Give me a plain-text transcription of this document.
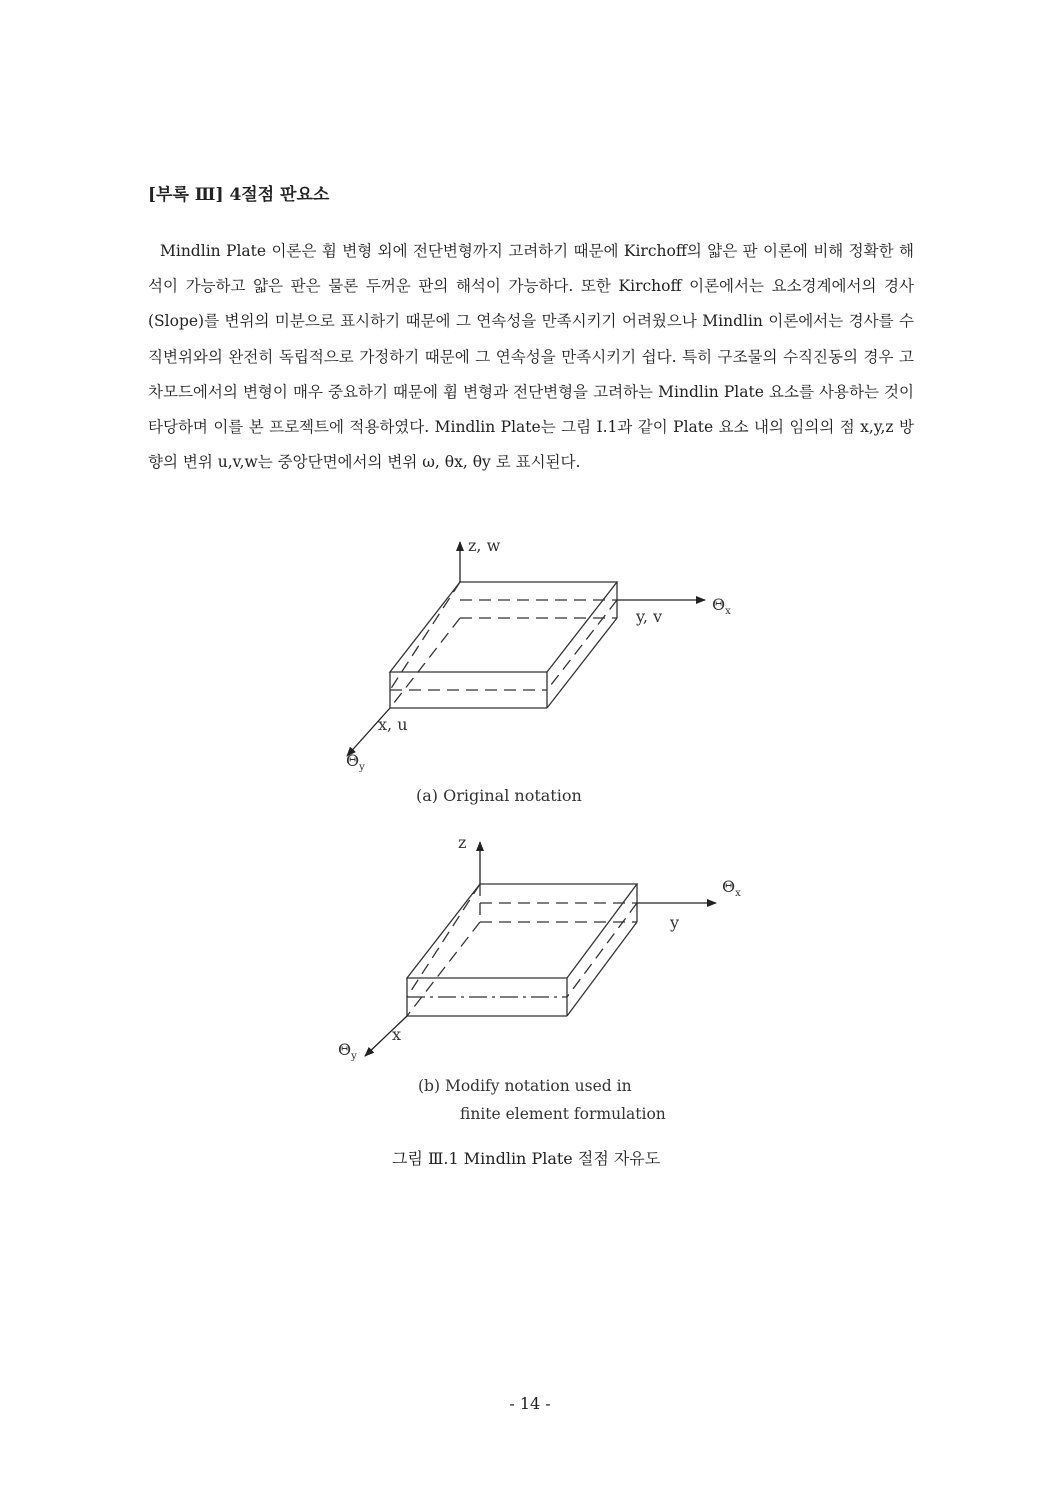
[부록 Ⅲ] 4절점 판요소

Mindlin Plate 이론은 휨 변형 외에 전단변형까지 고려하기 때문에 Kirchoff의 얇은 판 이론에 비해 정확한 해석이 가능하고 얇은 판은 물론 두꺼운 판의 해석이 가능하다. 또한 Kirchoff 이론에서는 요소경계에서의 경사(Slope)를 변위의 미분으로 표시하기 때문에 그 연속성을 만족시키기 어려웠으나 Mindlin 이론에서는 경사를 수직변위와의 완전히 독립적으로 가정하기 때문에 그 연속성을 만족시키기 쉽다. 특히 구조물의 수직진동의 경우 고차모드에서의 변형이 매우 중요하기 때문에 휨 변형과 전단변형을 고려하는 Mindlin Plate 요소를 사용하는 것이 타당하며 이를 본 프로젝트에 적용하였다. Mindlin Plate는 그림 I.1과 같이 Plate 요소 내의 임의의 점 x,y,z 방향의 변위 u,v,w는 중앙단면에서의 변위 ω, θx, θy 로 표시된다.

z, w
y, v
x, u
$\Theta_x$
$\Theta_y$
z
y
x
$\Theta_x$
$\Theta_y$
(a) Original notation
(b) Modify notation used in
finite element formulation
그림 Ⅲ.1 Mindlin Plate 절점 자유도
- 14 -
